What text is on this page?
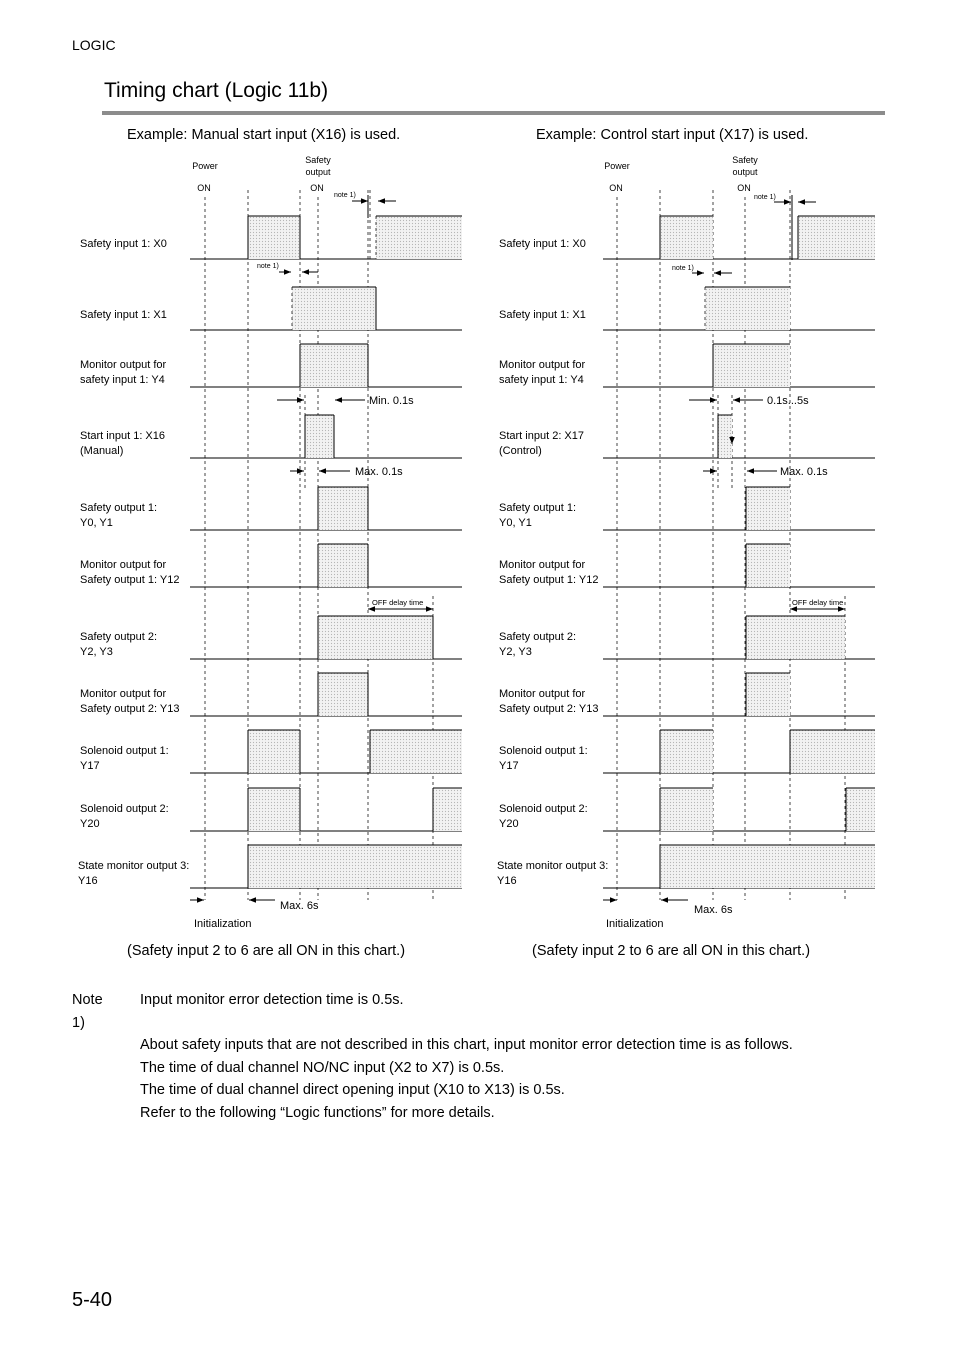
LOGIC
Timing chart (Logic 11b)
Example: Manual start input (X16) is used.	Example: Control start input (X17) is used.
Power
ON
Safety
output
ON
Safety input 1: X0
Safety input 1: X1
Monitor output for
safety input 1: Y4
Start input 1: X16
(Manual)
Safety output 1:
Y0, Y1
Monitor output for
Safety output 1: Y12
Safety output 2:
Y2, Y3
Monitor output for
Safety output 2: Y13
Solenoid output 1:
Y17
Solenoid output 2:
Y20
State monitor output 3:
Y16
note 1)
note 1)
Min. 0.1s
Max. 0.1s
OFF delay time
Max. 6s
Initialization
Power
ON
Safety
output
ON
Safety input 1: X0
Safety input 1: X1
Monitor output for
safety input 1: Y4
Start input 2: X17
(Control)
Safety output 1:
Y0, Y1
Monitor output for
Safety output 1: Y12
Safety output 2:
Y2, Y3
Monitor output for
Safety output 2: Y13
Solenoid output 1:
Y17
Solenoid output 2:
Y20
State monitor output 3:
Y16
note 1)
note 1)
0.1s...5s
Max. 0.1s
OFF delay time
Max. 6s
Initialization
(Safety input 2 to 6 are all ON in this chart.)	(Safety input 2 to 6 are all ON in this chart.)
Note 1)
Input monitor error detection time is 0.5s.
About safety inputs that are not described in this chart, input monitor error detection time is as follows.
The time of dual channel NO/NC input (X2 to X7) is 0.5s.
The time of dual channel direct opening input (X10 to X13) is 0.5s.
Refer to the following “Logic functions” for more details.
5-40
